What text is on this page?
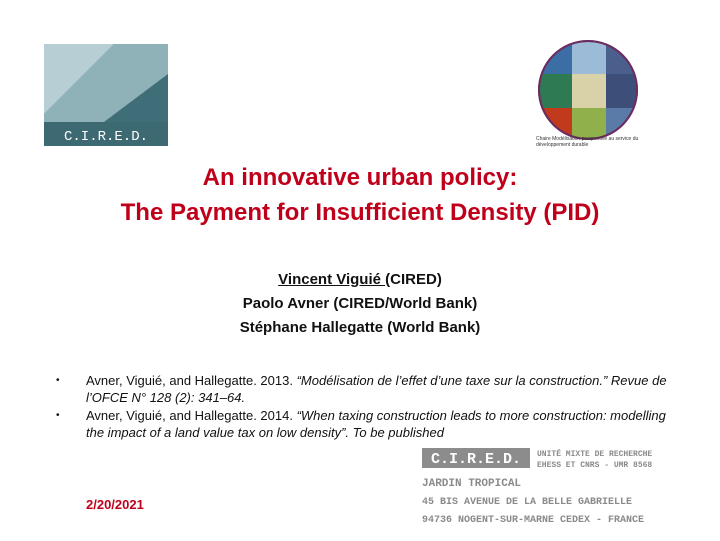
C.I.R.E.D.	Chaire Modélisation prospective au service du développement durable
An innovative urban policy:
The Payment for Insufficient Density (PID)
Vincent Viguié (CIRED)
Paolo Avner (CIRED/World Bank)
Stéphane Hallegatte (World Bank)
• Avner, Viguié, and Hallegatte. 2013. “Modélisation de l’effet d’une taxe sur la construction.” Revue de l’OFCE N° 128 (2): 341–64.
• Avner, Viguié, and Hallegatte. 2014. “When taxing construction leads to more construction: modelling the impact of a land value tax on low density”. To be published
2/20/2021
C.I.R.E.D. UNITÉ MIXTE DE RECHERCHE
EHESS ET CNRS - UMR 8568
JARDIN TROPICAL
45 BIS AVENUE DE LA BELLE GABRIELLE
94736 NOGENT-SUR-MARNE CEDEX - FRANCE
